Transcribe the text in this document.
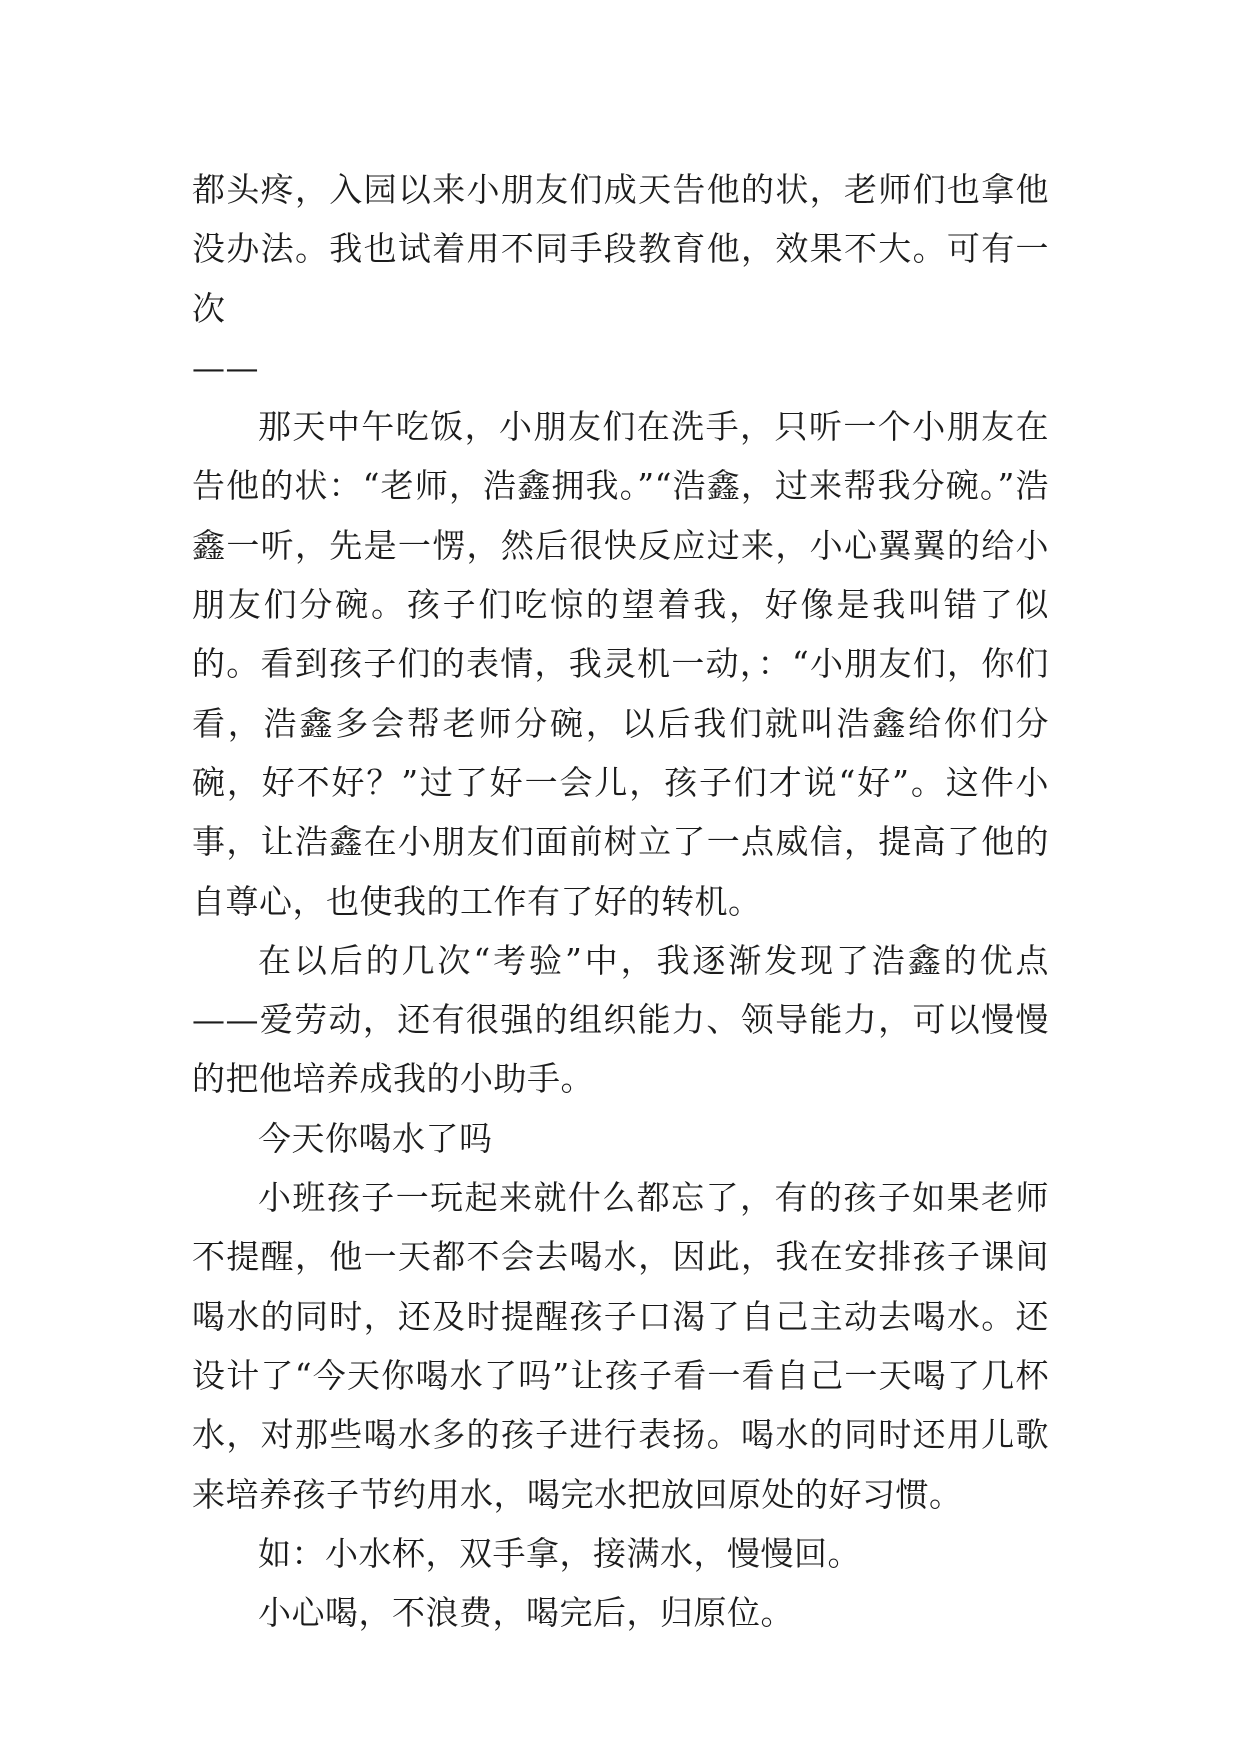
都头疼，入园以来小朋友们成天告他的状，老师们也拿他没办法。我也试着用不同手段教育他，效果不大。可有一次
——

那天中午吃饭，小朋友们在洗手，只听一个小朋友在告他的状：“老师，浩鑫拥我。”“浩鑫，过来帮我分碗。”浩鑫一听，先是一愣，然后很快反应过来，小心翼翼的给小朋友们分碗。孩子们吃惊的望着我，好像是我叫错了似的。看到孩子们的表情，我灵机一动，：“小朋友们，你们看，浩鑫多会帮老师分碗，以后我们就叫浩鑫给你们分碗，好不好？”过了好一会儿，孩子们才说“好”。这件小事，让浩鑫在小朋友们面前树立了一点威信，提高了他的自尊心，也使我的工作有了好的转机。

在以后的几次“考验”中，我逐渐发现了浩鑫的优点——爱劳动，还有很强的组织能力、领导能力，可以慢慢的把他培养成我的小助手。

今天你喝水了吗

小班孩子一玩起来就什么都忘了，有的孩子如果老师不提醒，他一天都不会去喝水，因此，我在安排孩子课间喝水的同时，还及时提醒孩子口渴了自己主动去喝水。还设计了“今天你喝水了吗”让孩子看一看自己一天喝了几杯水，对那些喝水多的孩子进行表扬。喝水的同时还用儿歌来培养孩子节约用水，喝完水把放回原处的好习惯。

如：小水杯，双手拿，接满水，慢慢回。

小心喝，不浪费，喝完后，归原位。
